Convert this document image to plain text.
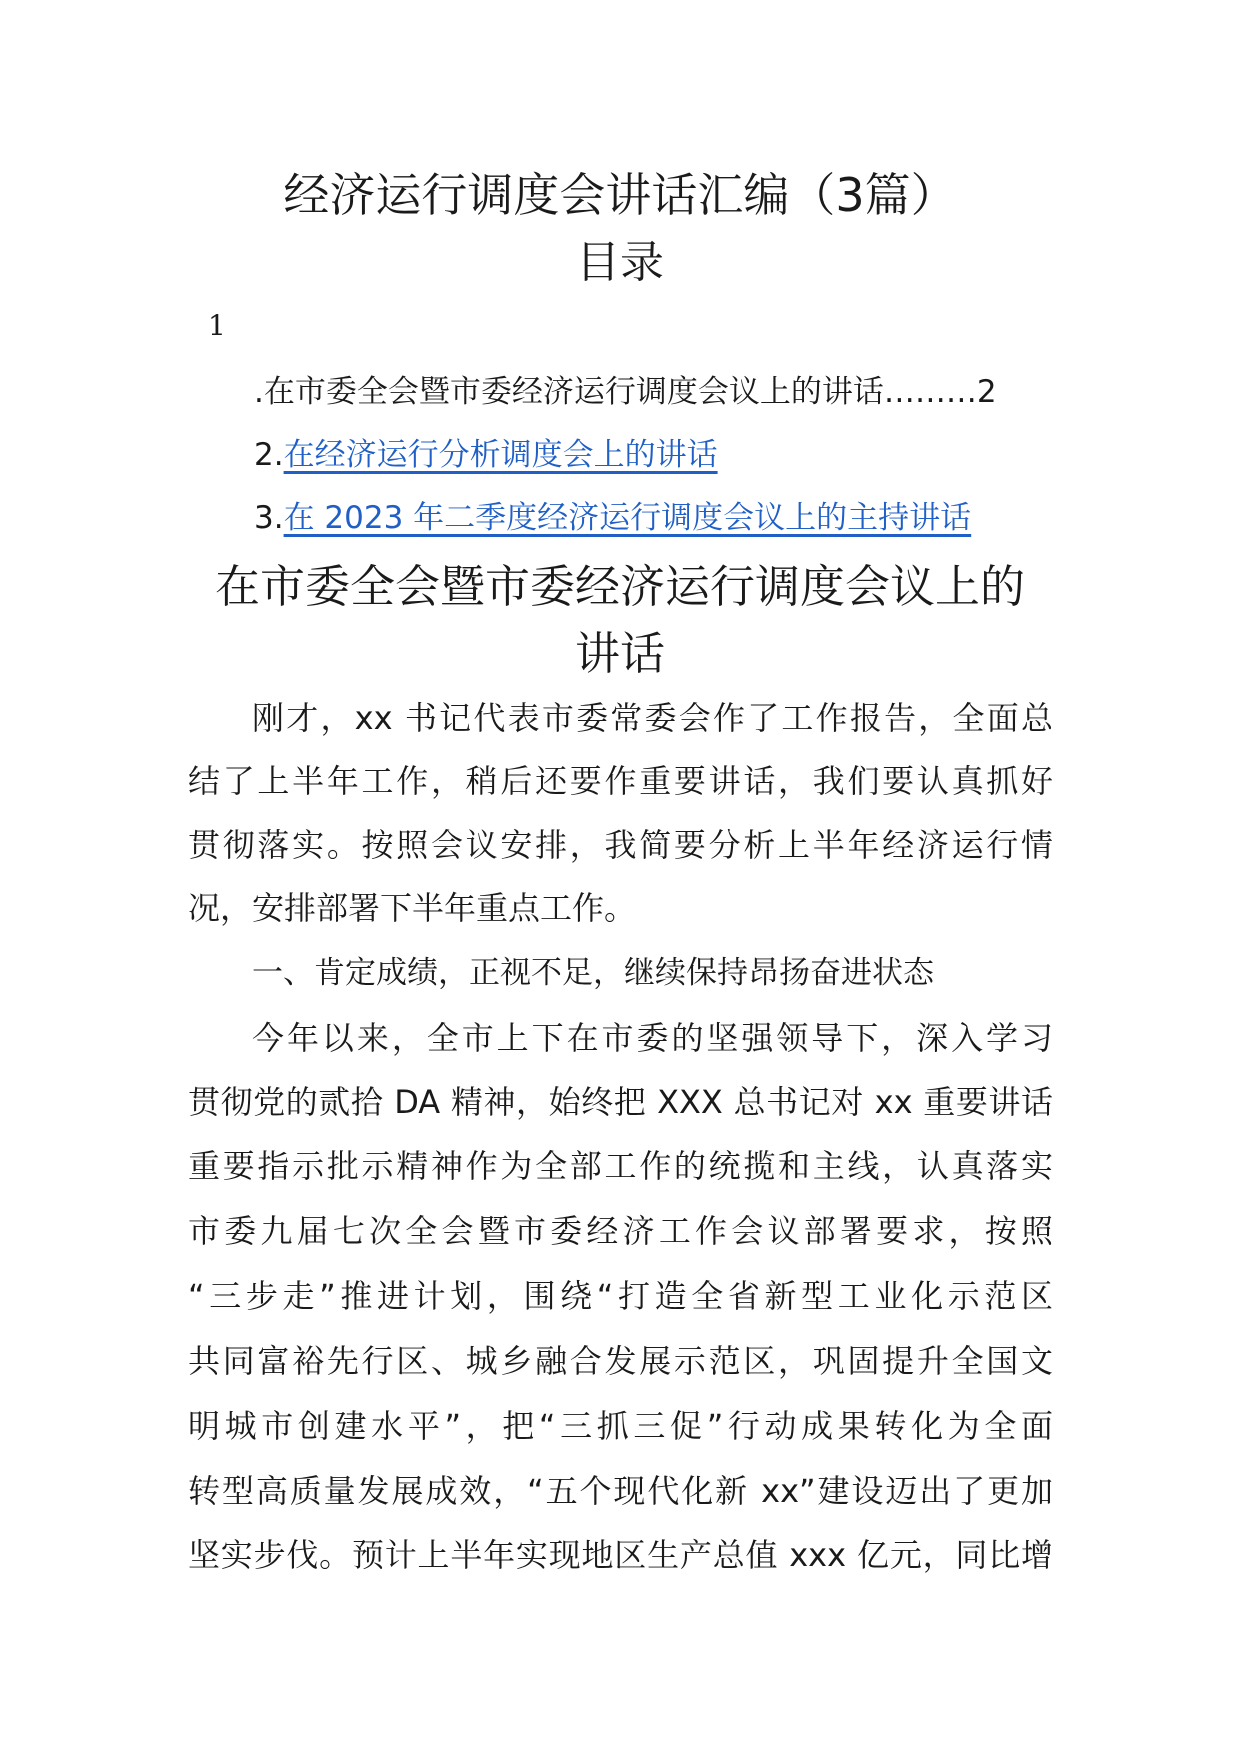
经济运行调度会讲话汇编（3篇）
目录
1
.在市委全会暨市委经济运行调度会议上的讲话………2
2.在经济运行分析调度会上的讲话
3.在 2023 年二季度经济运行调度会议上的主持讲话
在市委全会暨市委经济运行调度会议上的
讲话
刚才，xx 书记代表市委常委会作了工作报告，全面总
结了上半年工作，稍后还要作重要讲话，我们要认真抓好
贯彻落实。按照会议安排，我简要分析上半年经济运行情
况，安排部署下半年重点工作。
一、肯定成绩，正视不足，继续保持昂扬奋进状态
今年以来，全市上下在市委的坚强领导下，深入学习
贯彻党的贰拾 DA 精神，始终把 XXX 总书记对 xx 重要讲话
重要指示批示精神作为全部工作的统揽和主线，认真落实
市委九届七次全会暨市委经济工作会议部署要求，按照
“三步走”推进计划，围绕“打造全省新型工业化示范区
共同富裕先行区、城乡融合发展示范区，巩固提升全国文
明城市创建水平”，把“三抓三促”行动成果转化为全面
转型高质量发展成效，“五个现代化新 xx”建设迈出了更加
坚实步伐。预计上半年实现地区生产总值 xxx 亿元，同比增
